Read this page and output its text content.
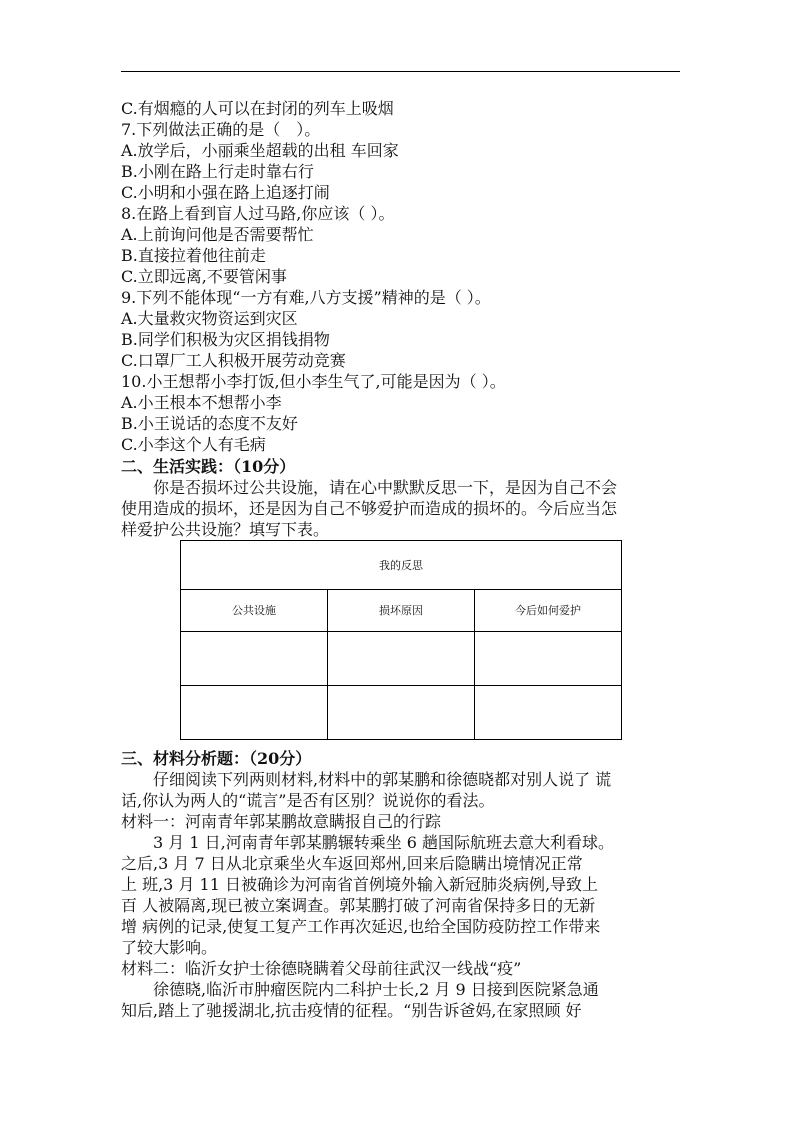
C.有烟瘾的人可以在封闭的列车上吸烟
7.下列做法正确的是（　）。
A.放学后，小丽乘坐超载的出租 车回家
B.小刚在路上行走时靠右行
C.小明和小强在路上追逐打闹
8.在路上看到盲人过马路,你应该（ ）。
A.上前询问他是否需要帮忙
B.直接拉着他往前走
C.立即远离,不要管闲事
9.下列不能体现“一方有难,八方支援”精神的是（ ）。
A.大量救灾物资运到灾区
B.同学们积极为灾区捐钱捐物
C.口罩厂工人积极开展劳动竞赛
10.小王想帮小李打饭,但小李生气了,可能是因为（ ）。
A.小王根本不想帮小李
B.小王说话的态度不友好
C.小李这个人有毛病
二、生活实践：（10分）
你是否损坏过公共设施，请在心中默默反思一下，是因为自己不会
使用造成的损坏，还是因为自己不够爱护而造成的损坏的。今后应当怎
样爱护公共设施？填写下表。
我的反思		
公共设施	损坏原因	今后如何爱护

三、材料分析题：（20分）
仔细阅读下列两则材料,材料中的郭某鹏和徐德晓都对别人说了 谎
话,你认为两人的“谎言”是否有区别？说说你的看法。
材料一：河南青年郭某鹏故意瞒报自己的行踪
3 月 1 日,河南青年郭某鹏辗转乘坐 6 趟国际航班去意大利看球。
之后,3 月 7 日从北京乘坐火车返回郑州,回来后隐瞒出境情况正常
上 班,3 月 11 日被确诊为河南省首例境外输入新冠肺炎病例,导致上
百 人被隔离,现已被立案调查。郭某鹏打破了河南省保持多日的无新
增 病例的记录,使复工复产工作再次延迟,也给全国防疫防控工作带来
了较大影响。
材料二：临沂女护士徐德晓瞒着父母前往武汉一线战“疫”
徐德晓,临沂市肿瘤医院内二科护士长,2 月 9 日接到医院紧急通
知后,踏上了驰援湖北,抗击疫情的征程。“别告诉爸妈,在家照顾 好
